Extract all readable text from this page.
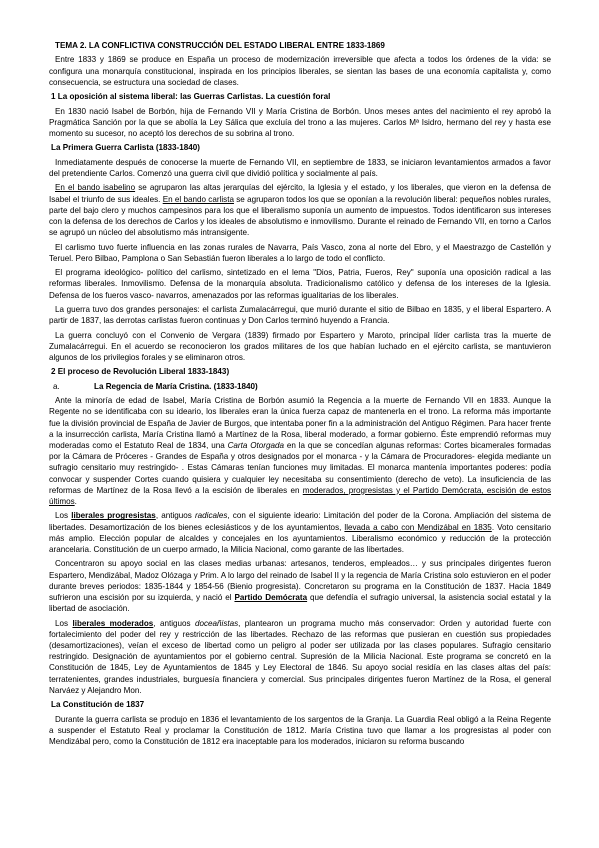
TEMA 2. LA CONFLICTIVA CONSTRUCCIÓN DEL ESTADO LIBERAL ENTRE 1833-1869

Entre 1833 y 1869 se produce en España un proceso de modernización irreversible que afecta a todos los órdenes de la vida: se configura una monarquía constitucional, inspirada en los principios liberales, se sientan las bases de una economía capitalista y, como consecuencia, se estructura una sociedad de clases.

1 La oposición al sistema liberal: las Guerras Carlistas. La cuestión foral

En 1830 nació Isabel de Borbón, hija de Fernando VII y María Cristina de Borbón. Unos meses antes del nacimiento el rey aprobó la Pragmática Sanción por la que se abolía la Ley Sálica que excluía del trono a las mujeres. Carlos Mª Isidro, hermano del rey y hasta ese momento su sucesor, no aceptó los derechos de su sobrina al trono.

La Primera Guerra Carlista (1833-1840)

Inmediatamente después de conocerse la muerte de Fernando VII, en septiembre de 1833, se iniciaron levantamientos armados a favor del pretendiente Carlos. Comenzó una guerra civil que dividió política y socialmente al país.

En el bando isabelino se agruparon las altas jerarquías del ejército, la Iglesia y el estado, y los liberales, que vieron en la defensa de Isabel el triunfo de sus ideales. En el bando carlista se agruparon todos los que se oponían a la revolución liberal: pequeños nobles rurales, parte del bajo clero y muchos campesinos para los que el liberalismo suponía un aumento de impuestos. Todos identificaron sus intereses con la defensa de los derechos de Carlos y los ideales de absolutismo e inmovilismo. Durante el reinado de Fernando VII, en torno a Carlos se agrupó un núcleo del absolutismo más intransigente.

El carlismo tuvo fuerte influencia en las zonas rurales de Navarra, País Vasco, zona al norte del Ebro, y el Maestrazgo de Castellón y Teruel. Pero Bilbao, Pamplona o San Sebastián fueron liberales a lo largo de todo el conflicto.

El programa ideológico- político del carlismo, sintetizado en el lema "Dios, Patria, Fueros, Rey" suponía una oposición radical a las reformas liberales. Inmovilismo. Defensa de la monarquía absoluta. Tradicionalismo católico y defensa de los intereses de la Iglesia. Defensa de los fueros vasco- navarros, amenazados por las reformas igualitarias de los liberales.

La guerra tuvo dos grandes personajes: el carlista Zumalacárregui, que murió durante el sitio de Bilbao en 1835, y el liberal Espartero. A partir de 1837, las derrotas carlistas fueron continuas y Don Carlos terminó huyendo a Francia.

La guerra concluyó con el Convenio de Vergara (1839) firmado por Espartero y Maroto, principal líder carlista tras la muerte de Zumalacárregui. En el acuerdo se reconocieron los grados militares de los que habían luchado en el ejército carlista, se mantuvieron algunos de los privilegios forales y se eliminaron otros.

2 El proceso de Revolución Liberal 1833-1843)
a.	La Regencia de María Cristina. (1833-1840)

Ante la minoría de edad de Isabel, María Cristina de Borbón asumió la Regencia a la muerte de Fernando VII en 1833. Aunque la Regente no se identificaba con su ideario, los liberales eran la única fuerza capaz de mantenerla en el trono. La reforma más importante fue la división provincial de España de Javier de Burgos, que intentaba poner fin a la administración del Antiguo Régimen. Para hacer frente a la insurrección carlista, María Cristina llamó a Martínez de la Rosa, liberal moderado, a formar gobierno. Éste emprendió reformas muy moderadas como el Estatuto Real de 1834, una Carta Otorgada en la que se concedían algunas reformas: Cortes bicamerales formadas por la Cámara de Próceres - Grandes de España y otros designados por el monarca - y la Cámara de Procuradores- elegida mediante un sufragio censitario muy restringido- . Estas Cámaras tenían funciones muy limitadas. El monarca mantenía importantes poderes: podía convocar y suspender Cortes cuando quisiera y cualquier ley necesitaba su consentimiento (derecho de veto). La insuficiencia de las reformas de Martínez de la Rosa llevó a la escisión de liberales en moderados, progresistas y el Partido Demócrata, escisión de estos últimos.

Los liberales progresistas, antiguos radicales, con el siguiente ideario: Limitación del poder de la Corona. Ampliación del sistema de libertades. Desamortización de los bienes eclesiásticos y de los ayuntamientos, llevada a cabo con Mendizábal en 1835. Voto censitario más amplio. Elección popular de alcaldes y concejales en los ayuntamientos. Liberalismo económico y reducción de la protección arancelaria. Constitución de un cuerpo armado, la Milicia Nacional, como garante de las libertades.

Concentraron su apoyo social en las clases medias urbanas: artesanos, tenderos, empleados… y sus principales dirigentes fueron Espartero, Mendizábal, Madoz Olózaga y Prim. A lo largo del reinado de Isabel II y la regencia de María Cristina solo estuvieron en el poder durante breves periodos: 1835-1844 y 1854-56 (Bienio progresista). Concretaron su programa en la Constitución de 1837. Hacia 1849 sufrieron una escisión por su izquierda, y nació el Partido Demócrata que defendía el sufragio universal, la asistencia social estatal y la libertad de asociación.

Los liberales moderados, antiguos doceañistas, plantearon un programa mucho más conservador: Orden y autoridad fuerte con fortalecimiento del poder del rey y restricción de las libertades. Rechazo de las reformas que pusieran en cuestión sus propiedades (desamortizaciones), veían el exceso de libertad como un peligro al poder ser utilizada por las clases populares. Sufragio censitario restringido. Designación de ayuntamientos por el gobierno central. Supresión de la Milicia Nacional. Este programa se concretó en la Constitución de 1845, Ley de Ayuntamientos de 1845 y Ley Electoral de 1846. Su apoyo social residía en las clases altas del país: terratenientes, grandes industriales, burguesía financiera y comercial. Sus principales dirigentes fueron Martínez de la Rosa, el general Narváez y Alejandro Mon.

La Constitución de 1837

Durante la guerra carlista se produjo en 1836 el levantamiento de los sargentos de la Granja. La Guardia Real obligó a la Reina Regente a suspender el Estatuto Real y proclamar la Constitución de 1812. María Cristina tuvo que llamar a los progresistas al poder con Mendizábal pero, como la Constitución de 1812 era inaceptable para los moderados, iniciaron su reforma buscando
